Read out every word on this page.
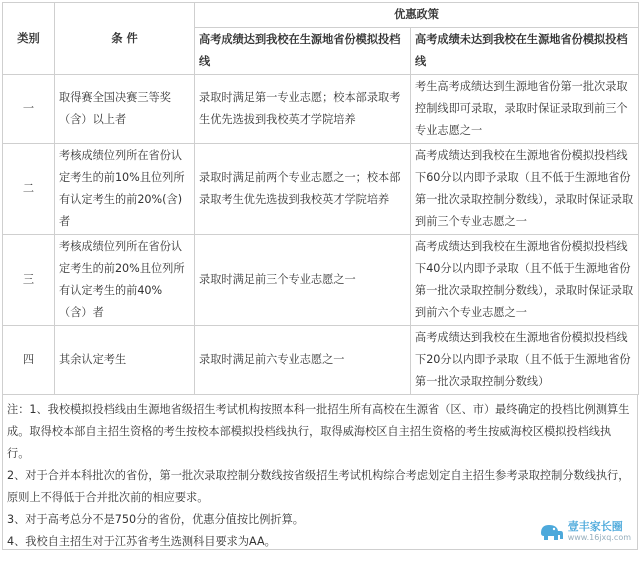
类别	条 件	优惠政策	
		高考成绩达到我校在生源地省份模拟投档线	高考成绩未达到我校在生源地省份模拟投档线
一	取得赛全国决赛三等奖（含）以上者	录取时满足第一专业志愿；校本部录取考生优先选拔到我校英才学院培养	考生高考成绩达到生源地省份第一批次录取控制线即可录取，录取时保证录取到前三个专业志愿之一
二	考核成绩位列所在省份认定考生的前10%且位列所有认定考生的前20%(含)者	录取时满足前两个专业志愿之一；校本部录取考生优先选拔到我校英才学院培养	高考成绩达到我校在生源地省份模拟投档线下60分以内即予录取（且不低于生源地省份第一批次录取控制分数线），录取时保证录取到前三个专业志愿之一
三	考核成绩位列所在省份认定考生的前20%且位列所有认定考生的前40%（含）者	录取时满足前三个专业志愿之一	高考成绩达到我校在生源地省份模拟投档线下40分以内即予录取（且不低于生源地省份第一批次录取控制分数线），录取时保证录取到前六个专业志愿之一
四	其余认定考生	录取时满足前六专业志愿之一	高考成绩达到我校在生源地省份模拟投档线下20分以内即予录取（且不低于生源地省份第一批次录取控制分数线）

注：1、我校模拟投档线由生源地省级招生考试机构按照本科一批招生所有高校在生源省（区、市）最终确定的投档比例测算生成。取得校本部自主招生资格的考生按校本部模拟投档线执行，取得威海校区自主招生资格的考生按威海校区模拟投档线执行。

2、对于合并本科批次的省份，第一批次录取控制分数线按省级招生考试机构综合考虑划定自主招生参考录取控制分数线执行，原则上不得低于合并批次前的相应要求。

3、对于高考总分不是750分的省份，优惠分值按比例折算。

4、我校自主招生对于江苏省考生选测科目要求为AA。

壹丰家长圈
www.16jxq.com
